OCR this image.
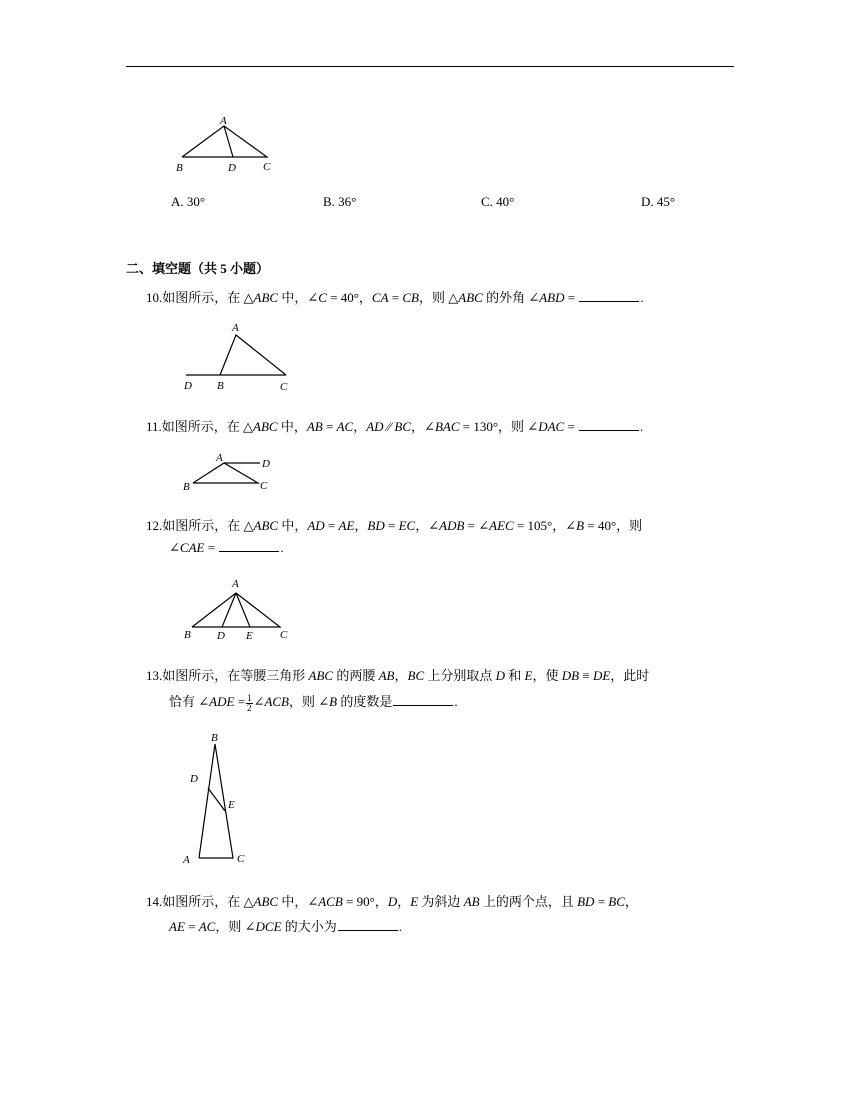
A
B	D C
A. 30°	B. 36°	C. 40°	D. 45°
二、填空题（共 5 小题）
10.如图所示，在 △ABC 中，∠C = 40°，CA = CB，则 △ABC 的外角 ∠ABD =	.
A
D B	C
11.如图所示，在 △ABC 中，AB = AC，AD ∕∕ BC，∠BAC = 130°，则 ∠DAC =	.
A	D
B	C
12.如图所示，在 △ABC 中，AD = AE，BD = EC，∠ADB = ∠AEC = 105°，∠B = 40°，则
∠CAE =	.
A
B D E C
13.如图所示，在等腰三角形 ABC 的两腰 AB，BC 上分别取点 D 和 E，使 DB ≡ DE，此时
恰有 ∠ADE = $\frac{1}{2}$ ∠ACB，则 ∠B 的度数是	.
B
D
E
A	C
14.如图所示，在 △ABC 中，∠ACB = 90°，D，E 为斜边 AB 上的两个点，且 BD = BC，
AE = AC，则 ∠DCE 的大小为	.
